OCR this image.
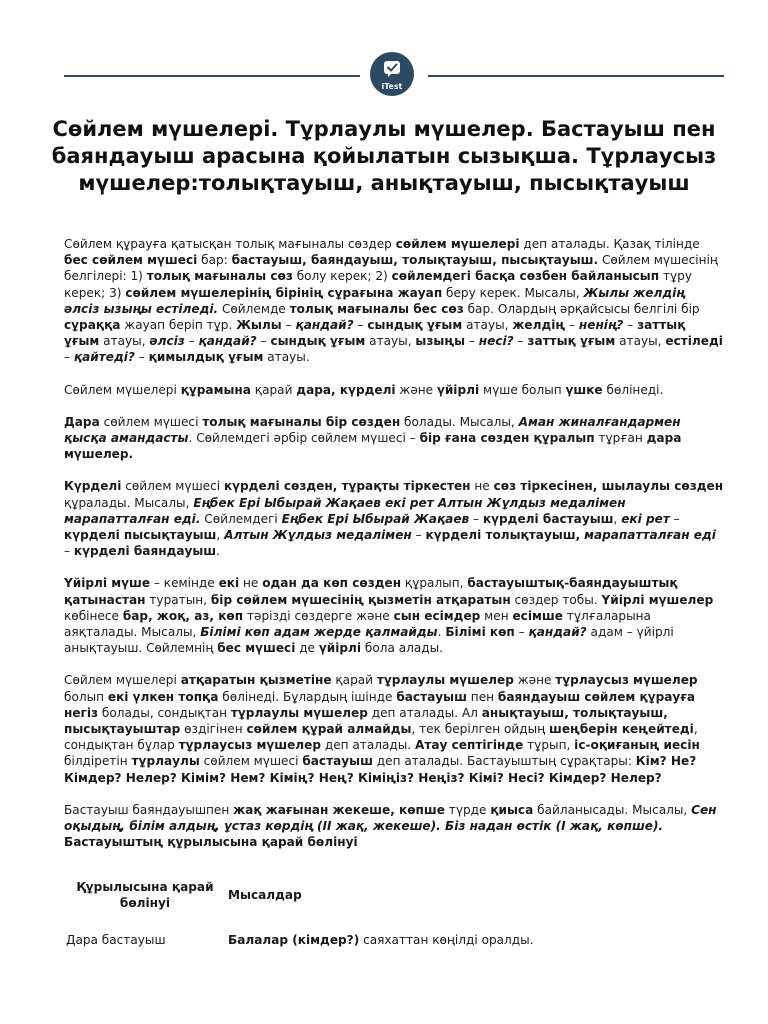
iTest
Сөйлем мүшелері. Тұрлаулы мүшелер. Бастауыш пен баяндауыш арасына қойылатын сызықша. Тұрлаусыз мүшелер:толықтауыш, анықтауыш, пысықтауыш

Сөйлем құрауға қатысқан толық мағыналы сөздер сөйлем мүшелері деп аталады. Қазақ тілінде бес сөйлем мүшесі бар: бастауыш, баяндауыш, толықтауыш, пысықтауыш. Сөйлем мүшесінің белгілері: 1) толық мағыналы сөз болу керек; 2) сөйлемдегі басқа сөзбен байланысып тұру керек; 3) сөйлем мүшелерінің бірінің сұрағына жауап беру керек. Мысалы, Жылы желдің әлсіз ызыңы естіледі. Сөйлемде толық мағыналы бес сөз бар. Олардың әрқайсысы белгілі бір сұраққа жауап беріп тұр. Жылы – қандай? – сындық ұғым атауы, желдің – ненің? – заттық ұғым атауы, әлсіз – қандай? – сындық ұғым атауы, ызыңы – несі? – заттық ұғым атауы, естіледі – қайтеді? – қимылдық ұғым атауы.

Сөйлем мүшелері құрамына қарай дара, күрделі және үйірлі мүше болып үшке бөлінеді.

Дара сөйлем мүшесі толық мағыналы бір сөзден болады. Мысалы, Аман жиналғандармен қысқа амандасты. Сөйлемдегі әрбір сөйлем мүшесі – бір ғана сөзден құралып тұрған дара мүшелер.

Күрделі сөйлем мүшесі күрделі сөзден, тұрақты тіркестен не сөз тіркесінен, шылаулы сөзден құралады. Мысалы, Еңбек Ері Ыбырай Жақаев екі рет Алтын Жұлдыз медалімен марапатталған еді. Сөйлемдегі Еңбек Ері Ыбырай Жақаев – күрделі бастауыш, екі рет – күрделі пысықтауыш, Алтын Жұлдыз медалімен – күрделі толықтауыш, марапатталған еді – күрделі баяндауыш.

Үйірлі мүше – кемінде екі не одан да көп сөзден құралып, бастауыштық-баяндауыштық қатынастан туратын, бір сөйлем мүшесінің қызметін атқаратын сөздер тобы. Үйірлі мүшелер көбінесе бар, жоқ, аз, көп тәрізді сөздерге және сын есімдер мен есімше тұлғаларына аяқталады. Мысалы, Білімі көп адам жерде қалмайды. Білімі көп – қандай? адам – үйірлі анықтауыш. Сөйлемнің бес мүшесі де үйірлі бола алады.

Сөйлем мүшелері атқаратын қызметіне қарай тұрлаулы мүшелер және тұрлаусыз мүшелер болып екі үлкен топқа бөлінеді. Бұлардың ішінде бастауыш пен баяндауыш сөйлем құрауға негіз болады, сондықтан тұрлаулы мүшелер деп аталады. Ал анықтауыш, толықтауыш, пысықтауыштар өздігінен сөйлем құрай алмайды, тек берілген ойдың шеңберін кеңейтеді, сондықтан бұлар тұрлаусыз мүшелер деп аталады. Атау септігінде тұрып, іс-оқиғаның иесін білдіретін тұрлаулы сөйлем мүшесі бастауыш деп аталады. Бастауыштың сұрақтары: Кім? Не? Кімдер? Нелер? Кімім? Нем? Кімің? Нең? Кіміңіз? Неңіз? Кімі? Несі? Кімдер? Нелер?

Бастауыш баяндауышпен жақ жағынан жекеше, көпше түрде қиыса байланысады. Мысалы, Сен оқыдың, білім алдың, ұстаз көрдің (ІІ жақ, жекеше). Біз надан өстік (І жақ, көпше).

Бастауыштың құрылысына қарай бөлінуі

Құрылысына қарай бөлінуі	Мысалдар
Дара бастауыш	Балалар (кімдер?) саяхаттан көңілді оралды.
